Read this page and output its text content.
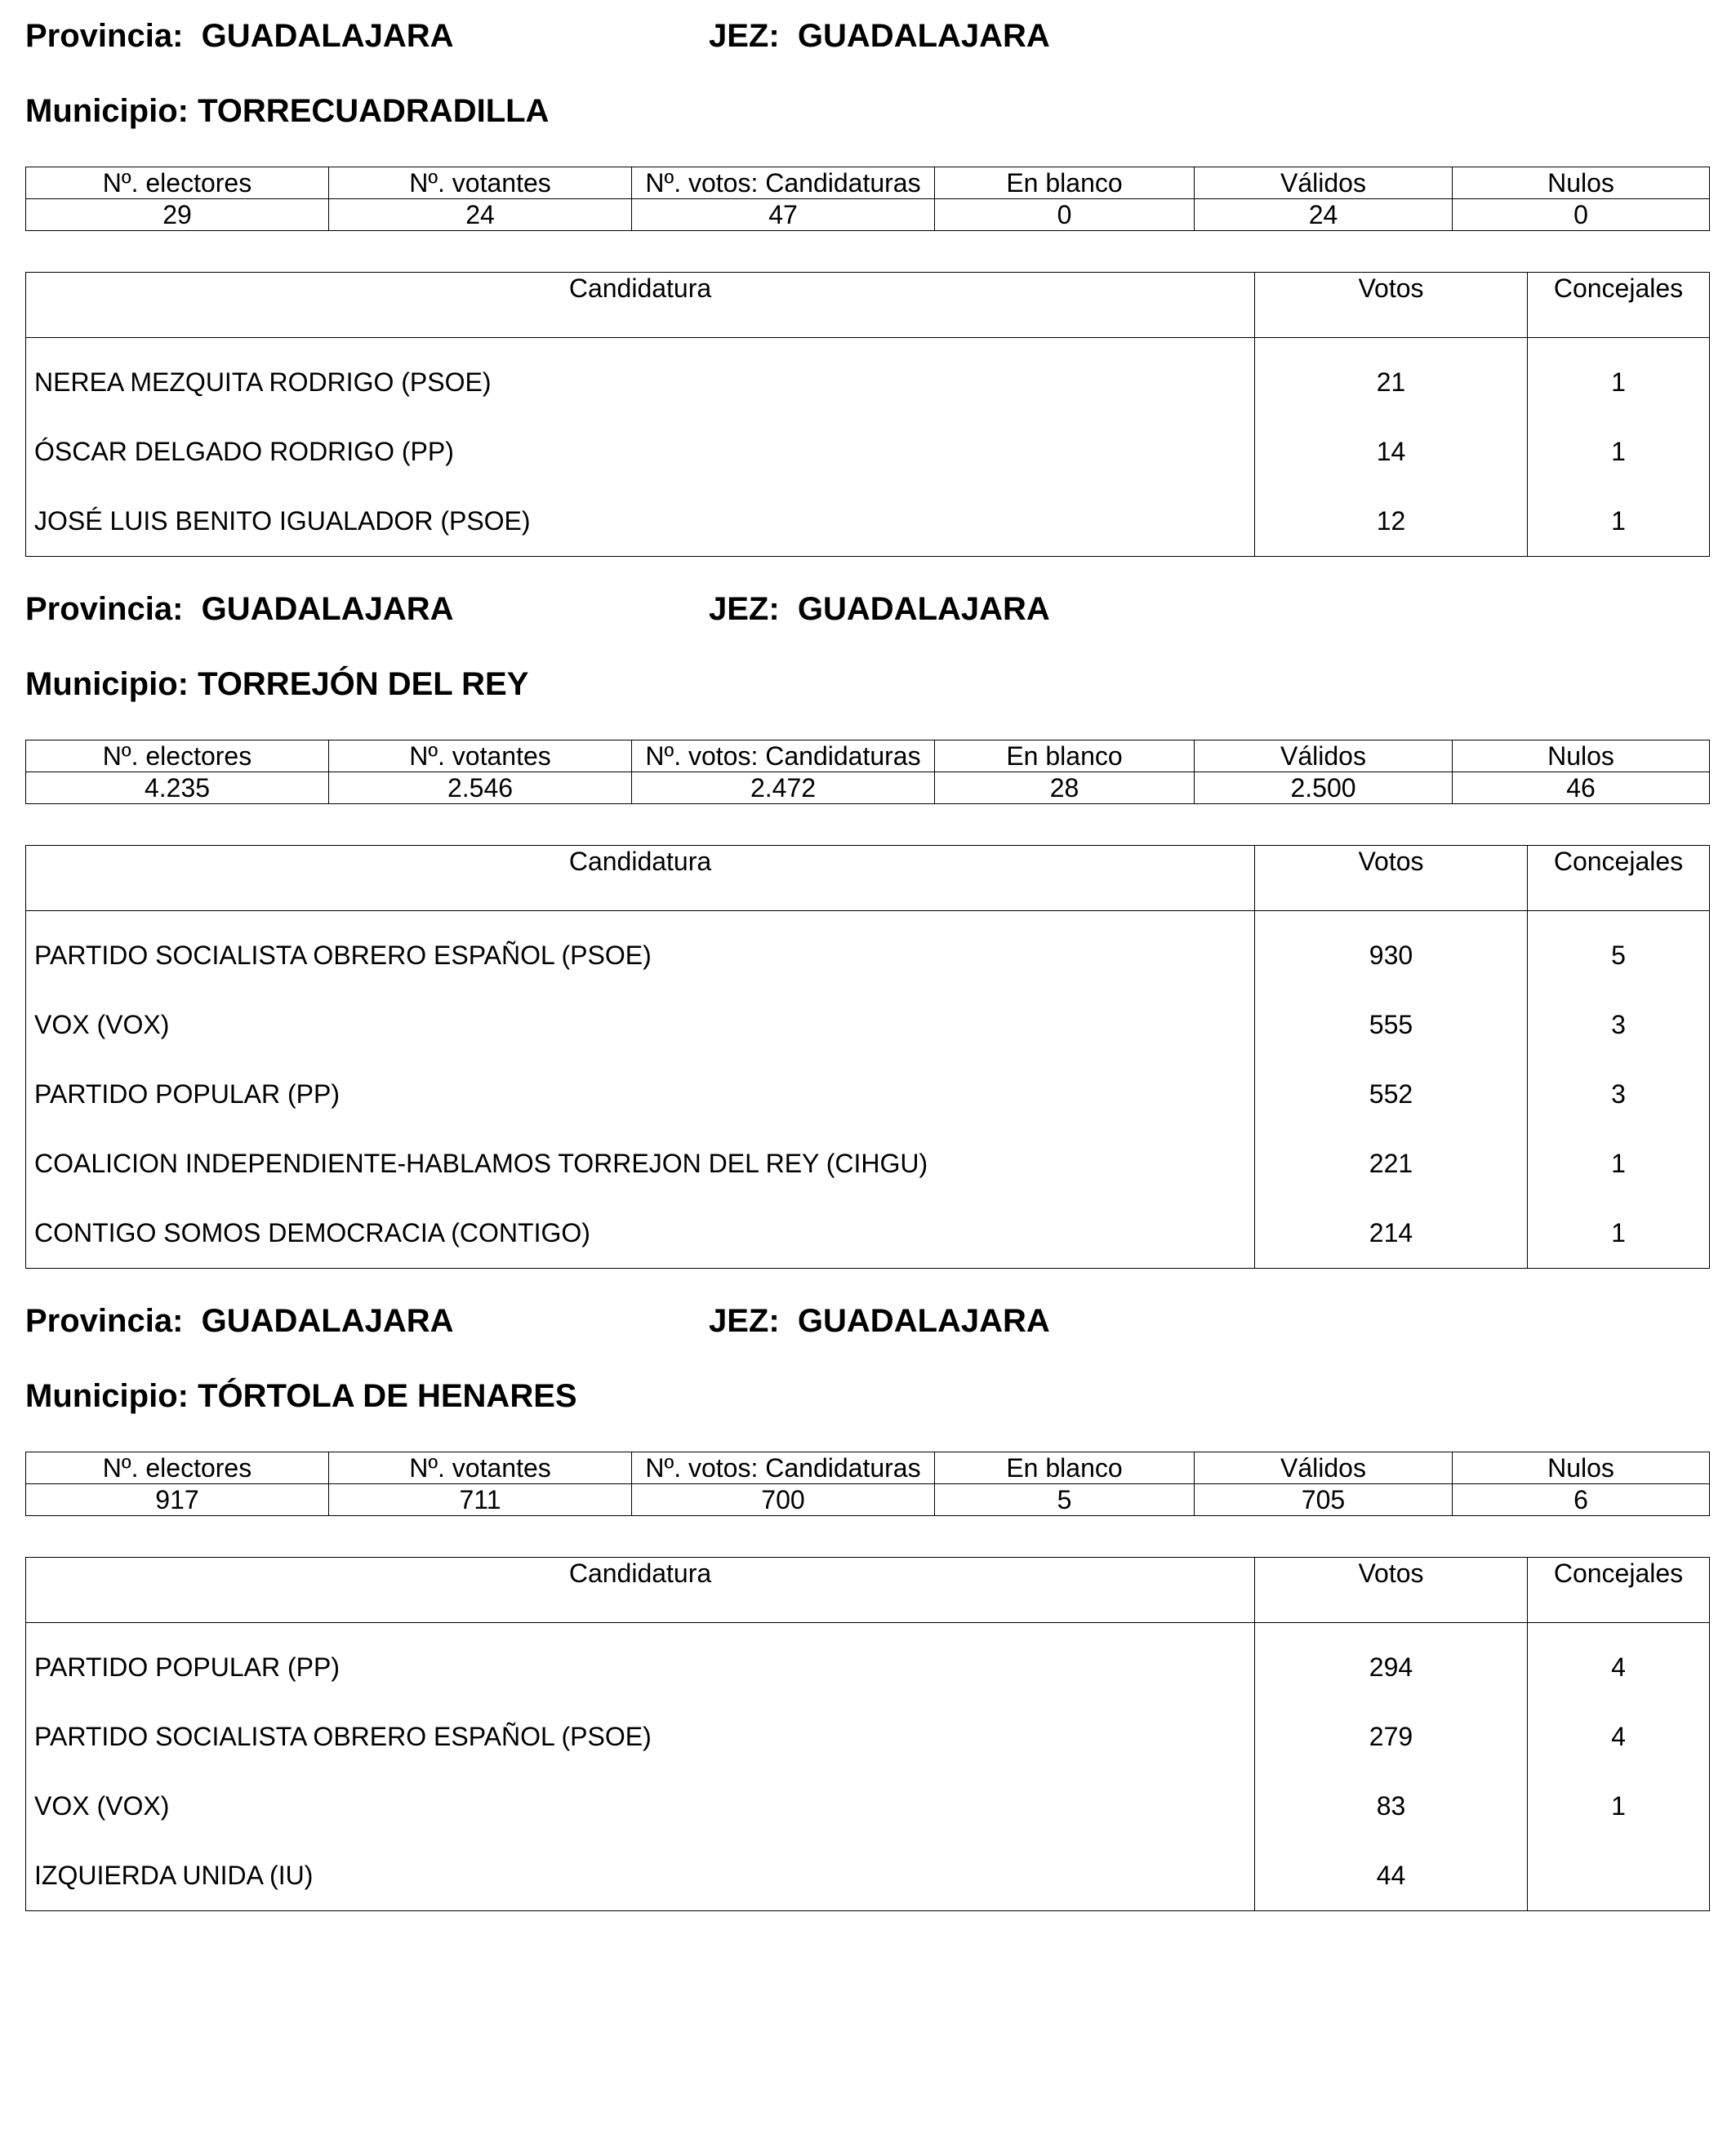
Provincia: GUADALAJARA	JEZ: GUADALAJARA
Municipio: TORRECUADRADILLA
Nº. electores	Nº. votantes	Nº. votos: Candidaturas	En blanco	Válidos	Nulos
29	24	47	0	24	0
Candidatura	Votos	Concejales
NEREA MEZQUITA RODRIGO (PSOE)	21	1
ÓSCAR DELGADO RODRIGO (PP)	14	1
JOSÉ LUIS BENITO IGUALADOR (PSOE)	12	1
Provincia: GUADALAJARA	JEZ: GUADALAJARA
Municipio: TORREJÓN DEL REY
Nº. electores	Nº. votantes	Nº. votos: Candidaturas	En blanco	Válidos	Nulos
4.235	2.546	2.472	28	2.500	46
Candidatura	Votos	Concejales
PARTIDO SOCIALISTA OBRERO ESPAÑOL (PSOE)	930	5
VOX (VOX)	555	3
PARTIDO POPULAR (PP)	552	3
COALICION INDEPENDIENTE-HABLAMOS TORREJON DEL REY (CIHGU)	221	1
CONTIGO SOMOS DEMOCRACIA (CONTIGO)	214	1
Provincia: GUADALAJARA	JEZ: GUADALAJARA
Municipio: TÓRTOLA DE HENARES
Nº. electores	Nº. votantes	Nº. votos: Candidaturas	En blanco	Válidos	Nulos
917	711	700	5	705	6
Candidatura	Votos	Concejales
PARTIDO POPULAR (PP)	294	4
PARTIDO SOCIALISTA OBRERO ESPAÑOL (PSOE)	279	4
VOX (VOX)	83	1
IZQUIERDA UNIDA (IU)	44	
